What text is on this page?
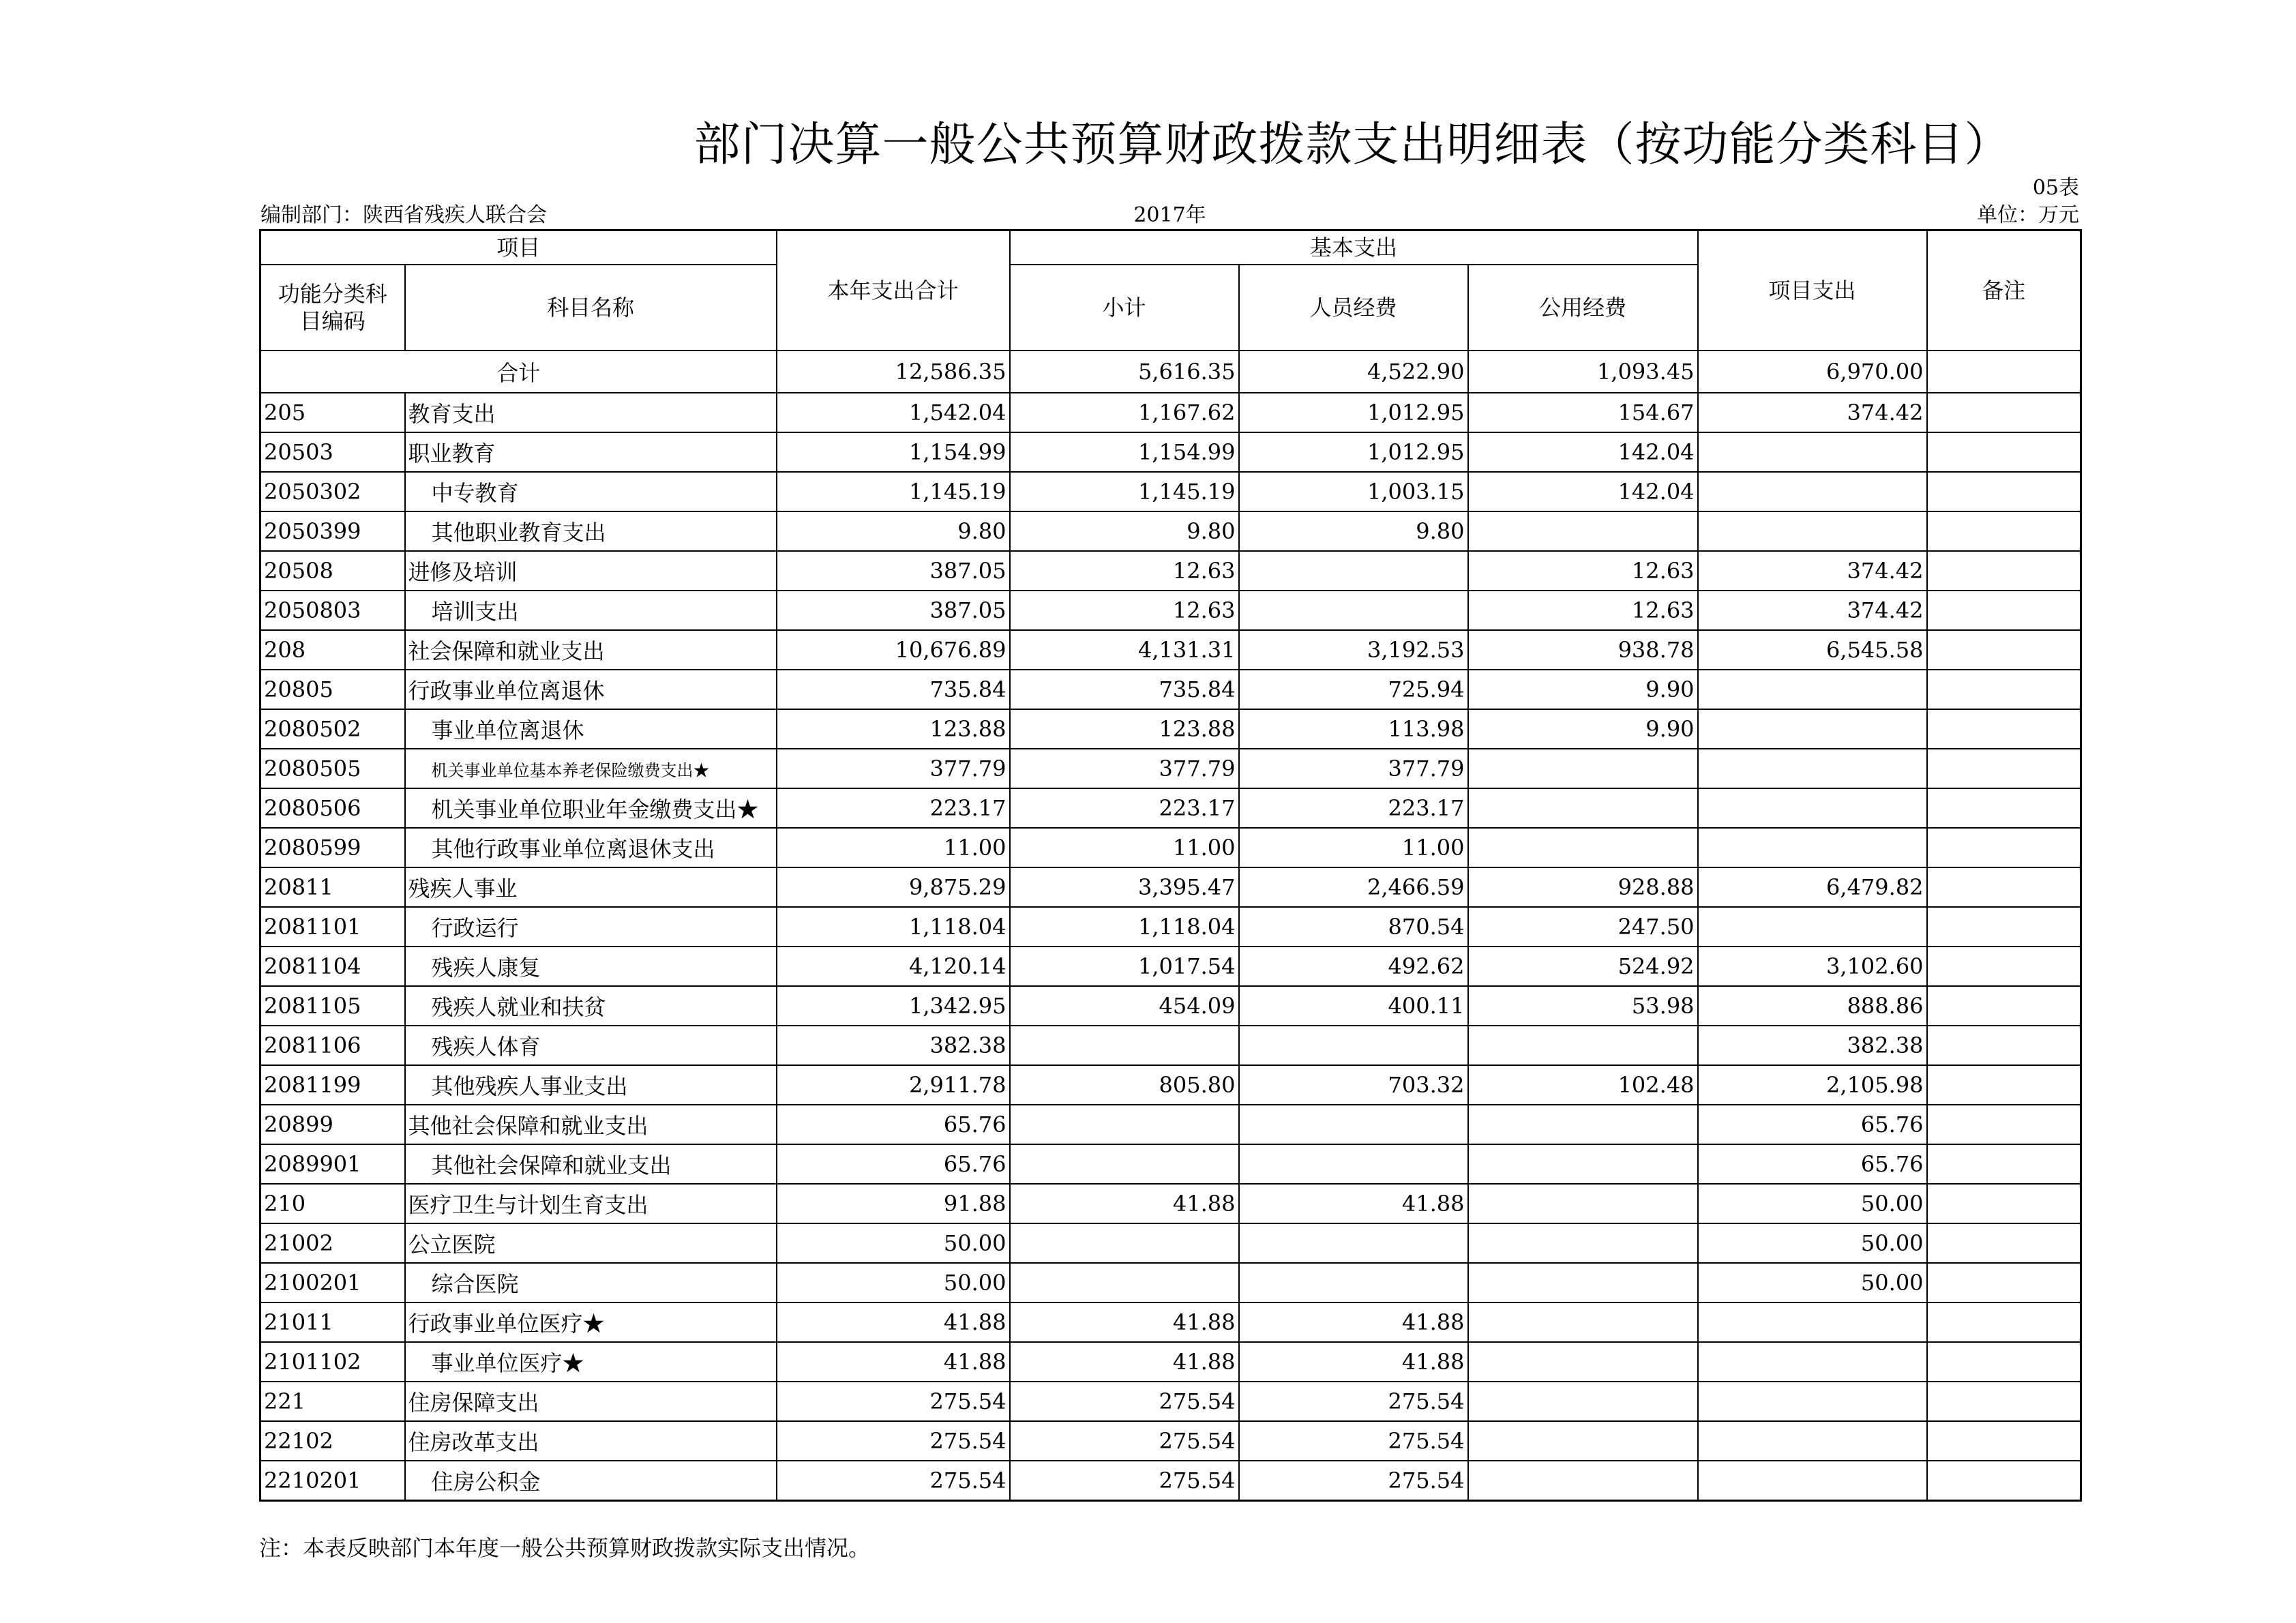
部门决算一般公共预算财政拨款支出明细表（按功能分类科目）
05表
编制部门：陕西省残疾人联合会	2017年	单位：万元
项目		本年支出合计	基本支出			项目支出	备注
功能分类科目编码	科目名称		小计	人员经费	公用经费		
合计		12,586.35	5,616.35	4,522.90	1,093.45	6,970.00	
205	教育支出	1,542.04	1,167.62	1,012.95	154.67	374.42	
20503	职业教育	1,154.99	1,154.99	1,012.95	142.04		
2050302	中专教育	1,145.19	1,145.19	1,003.15	142.04		
2050399	其他职业教育支出	9.80	9.80	9.80			
20508	进修及培训	387.05	12.63		12.63	374.42	
2050803	培训支出	387.05	12.63		12.63	374.42	
208	社会保障和就业支出	10,676.89	4,131.31	3,192.53	938.78	6,545.58	
20805	行政事业单位离退休	735.84	735.84	725.94	9.90		
2080502	事业单位离退休	123.88	123.88	113.98	9.90		
2080505	机关事业单位基本养老保险缴费支出★	377.79	377.79	377.79			
2080506	机关事业单位职业年金缴费支出★	223.17	223.17	223.17			
2080599	其他行政事业单位离退休支出	11.00	11.00	11.00			
20811	残疾人事业	9,875.29	3,395.47	2,466.59	928.88	6,479.82	
2081101	行政运行	1,118.04	1,118.04	870.54	247.50		
2081104	残疾人康复	4,120.14	1,017.54	492.62	524.92	3,102.60	
2081105	残疾人就业和扶贫	1,342.95	454.09	400.11	53.98	888.86	
2081106	残疾人体育	382.38				382.38	
2081199	其他残疾人事业支出	2,911.78	805.80	703.32	102.48	2,105.98	
20899	其他社会保障和就业支出	65.76				65.76	
2089901	其他社会保障和就业支出	65.76				65.76	
210	医疗卫生与计划生育支出	91.88	41.88	41.88		50.00	
21002	公立医院	50.00				50.00	
2100201	综合医院	50.00				50.00	
21011	行政事业单位医疗★	41.88	41.88	41.88			
2101102	事业单位医疗★	41.88	41.88	41.88			
221	住房保障支出	275.54	275.54	275.54			
22102	住房改革支出	275.54	275.54	275.54			
2210201	住房公积金	275.54	275.54	275.54			
注：本表反映部门本年度一般公共预算财政拨款实际支出情况。
